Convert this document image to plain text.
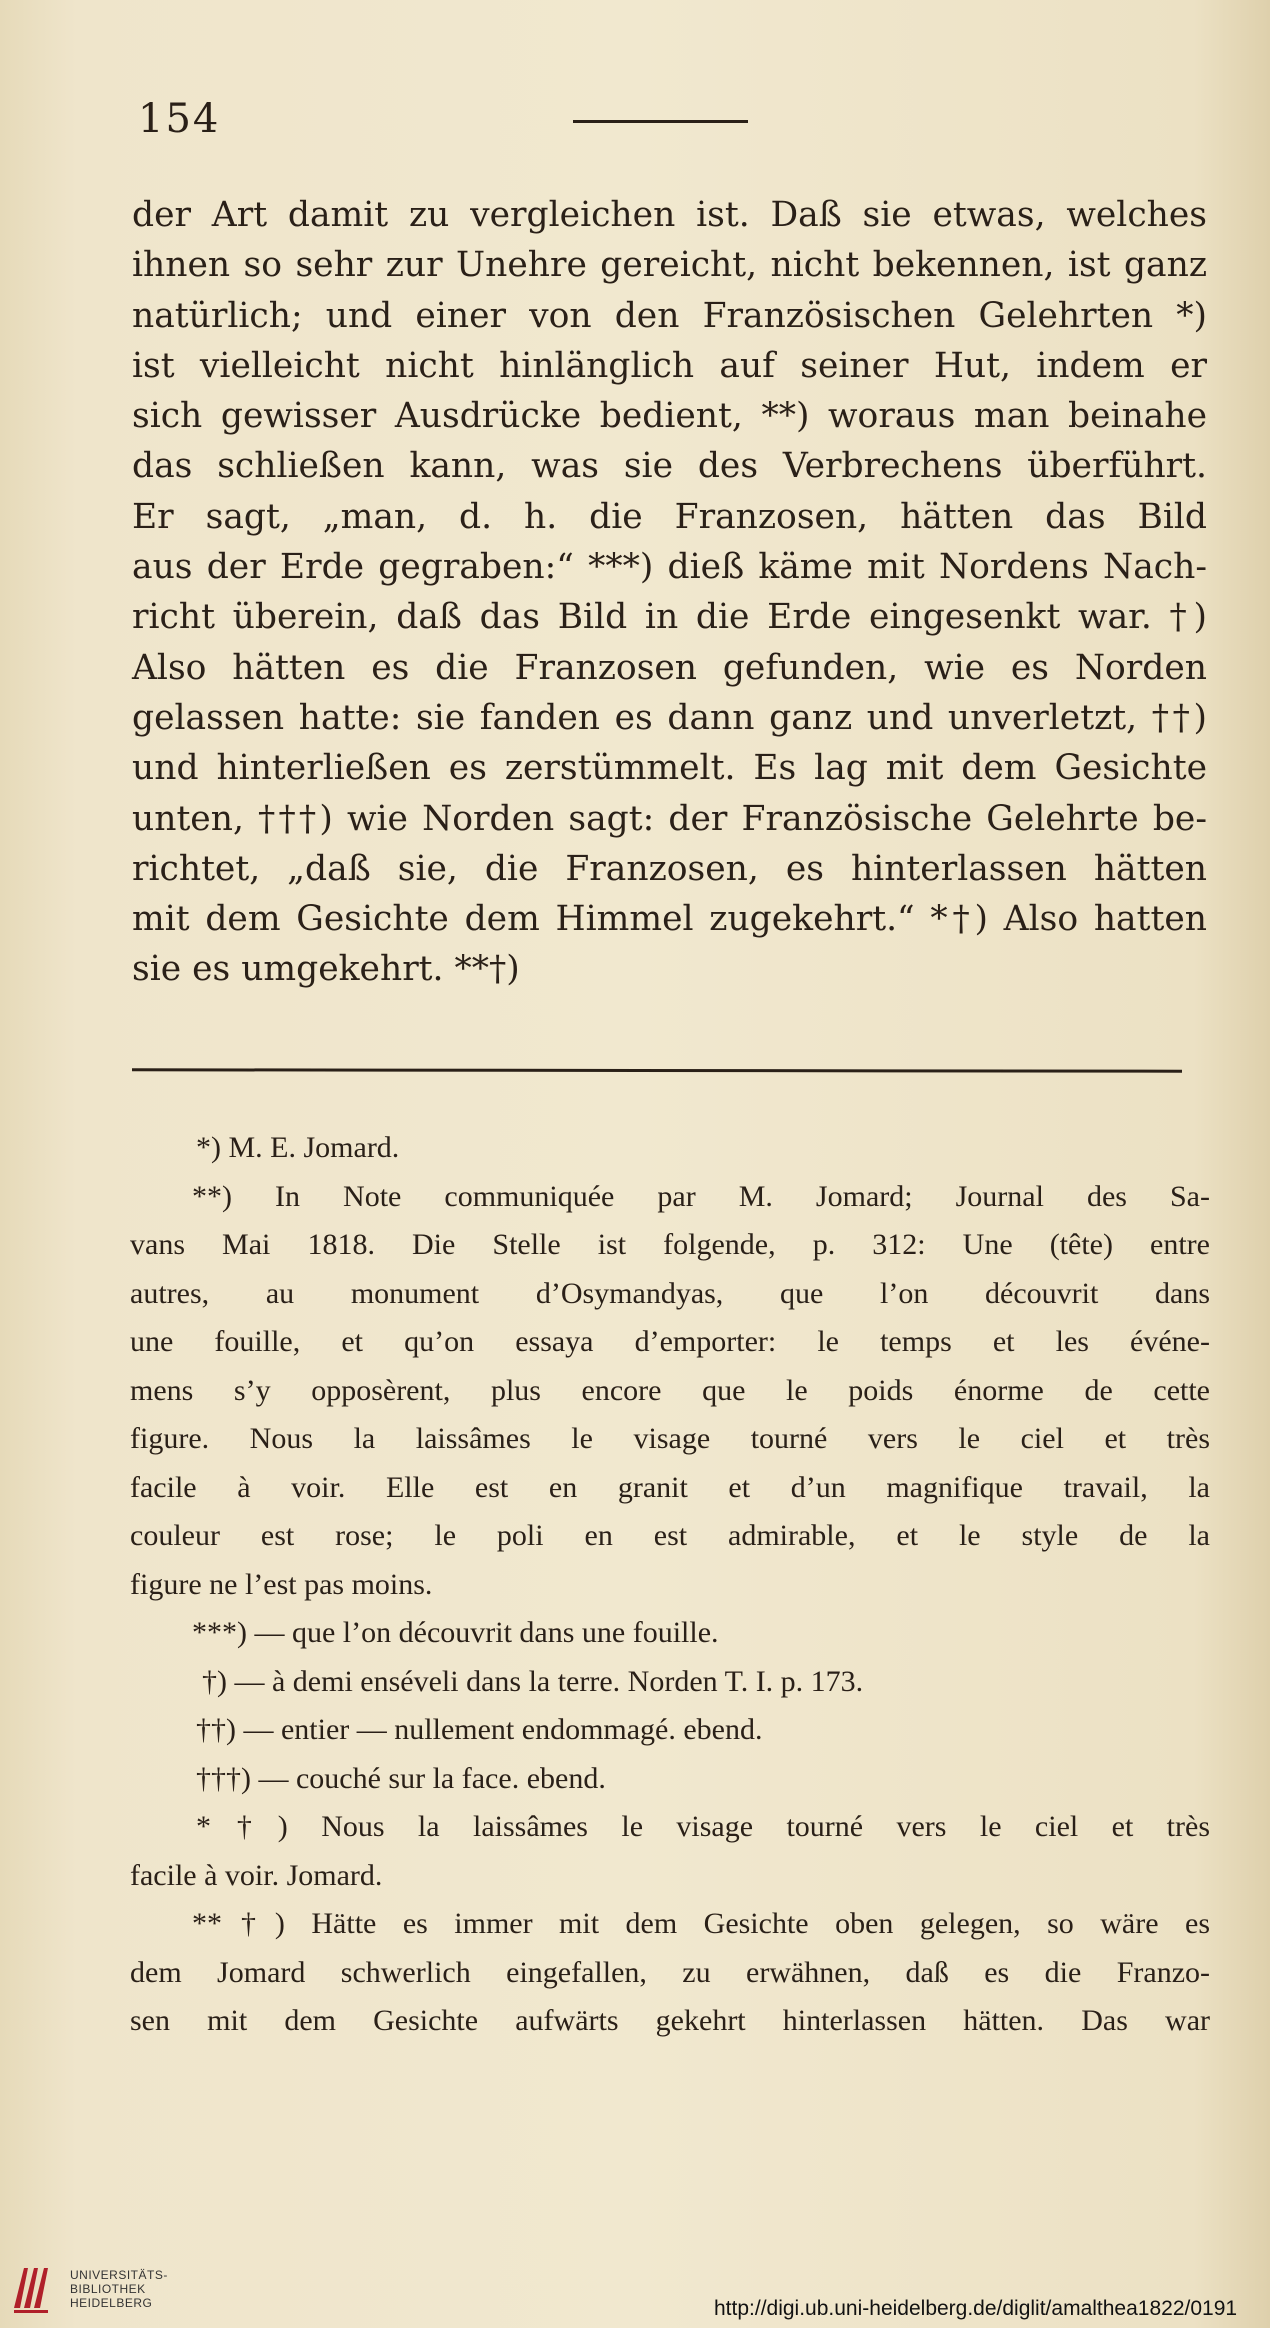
154
der Art damit zu vergleichen ist. Daß sie etwas, welches
ihnen so sehr zur Unehre gereicht, nicht bekennen, ist ganz
natürlich; und einer von den Französischen Gelehrten *)
ist vielleicht nicht hinlänglich auf seiner Hut, indem er
sich gewisser Ausdrücke bedient, **) woraus man beinahe
das schließen kann, was sie des Verbrechens überführt.
Er sagt, „man, d. h. die Franzosen, hätten das Bild
aus der Erde gegraben:“ ***) dieß käme mit Nordens Nach-
richt überein, daß das Bild in die Erde eingesenkt war. †)
Also hätten es die Franzosen gefunden, wie es Norden
gelassen hatte: sie fanden es dann ganz und unverletzt, ††)
und hinterließen es zerstümmelt. Es lag mit dem Gesichte
unten, †††) wie Norden sagt: der Französische Gelehrte be-
richtet, „daß sie, die Franzosen, es hinterlassen hätten
mit dem Gesichte dem Himmel zugekehrt.“ *†) Also hatten
sie es umgekehrt. **†)
*) M. E. Jomard.
**) In Note communiquée par M. Jomard; Journal des Sa-
vans Mai 1818. Die Stelle ist folgende, p. 312: Une (tête) entre
autres, au monument d’Osymandyas, que l’on découvrit dans
une fouille, et qu’on essaya d’emporter: le temps et les événe-
mens s’y opposèrent, plus encore que le poids énorme de cette
figure. Nous la laissâmes le visage tourné vers le ciel et très
facile à voir. Elle est en granit et d’un magnifique travail, la
couleur est rose; le poli en est admirable, et le style de la
figure ne l’est pas moins.
***) — que l’on découvrit dans une fouille.
†) — à demi enséveli dans la terre. Norden T. I. p. 173.
††) — entier — nullement endommagé. ebend.
†††) — couché sur la face. ebend.
*†) Nous la laissâmes le visage tourné vers le ciel et très
facile à voir. Jomard.
**†) Hätte es immer mit dem Gesichte oben gelegen, so wäre es
dem Jomard schwerlich eingefallen, zu erwähnen, daß es die Franzo-
sen mit dem Gesichte aufwärts gekehrt hinterlassen hätten. Das war
UNIVERSITÄTS-
BIBLIOTHEK
HEIDELBERG	http://digi.ub.uni-heidelberg.de/diglit/amalthea1822/0191
